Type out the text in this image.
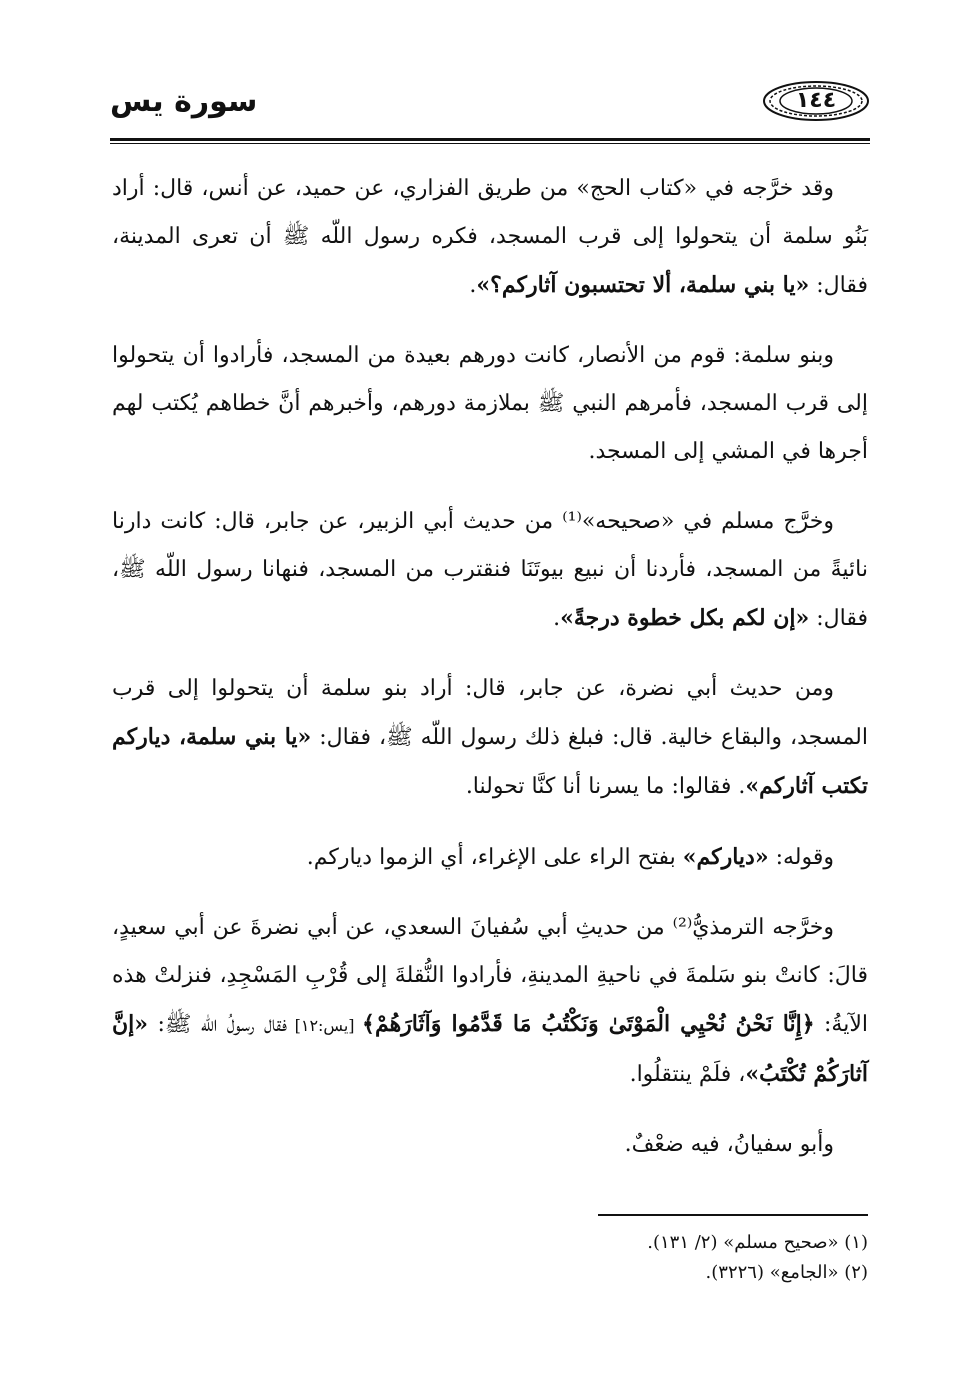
سورة يس	١٤٤

وقد خرَّجه في «كتاب الحج» من طريق الفزاري، عن حميد، عن أنس، قال: أراد بَنُو سلمة أن يتحولوا إلى قرب المسجد، فكره رسول اللّه ﷺ أن تعرى المدينة، فقال: «يا بني سلمة، ألا تحتسبون آثاركم؟».

وبنو سلمة: قوم من الأنصار، كانت دورهم بعيدة من المسجد، فأرادوا أن يتحولوا إلى قرب المسجد، فأمرهم النبي ﷺ بملازمة دورهم، وأخبرهم أنَّ خطاهم يُكتب لهم أجرها في المشي إلى المسجد.

وخرَّج مسلم في «صحيحه»⁽¹⁾ من حديث أبي الزبير، عن جابر، قال: كانت دارنا نائيةً من المسجد، فأردنا أن نبيع بيوتَنَا فنقترب من المسجد، فنهانا رسول اللّه ﷺ، فقال: «إن لكم بكل خطوة درجةً».

ومن حديث أبي نضرة، عن جابر، قال: أراد بنو سلمة أن يتحولوا إلى قرب المسجد، والبقاع خالية. قال: فبلغ ذلك رسول اللّه ﷺ، فقال: «يا بني سلمة، دياركم تكتب آثاركم». فقالوا: ما يسرنا أنا كنَّا تحولنا.

وقوله: «دياركم» بفتح الراء على الإغراء، أي الزموا دياركم.

وخرَّجه الترمذيُّ⁽²⁾ من حديثِ أبي سُفيانَ السعدي، عن أبي نضرةَ عن أبي سعيدٍ، قالَ: كانتْ بنو سَلمةَ في ناحيةِ المدينةِ، فأرادوا النُّقلةَ إلى قُرْبِ المَسْجِدِ، فنزلتْ هذه الآيةُ: ﴿إِنَّا نَحْنُ نُحْيِي الْمَوْتَىٰ وَنَكْتُبُ مَا قَدَّمُوا وَآثَارَهُمْ﴾ [يس:١٢] فقال رسولُ اللّه ﷺ: «إنَّ آثارَكُمْ تُكْتَبُ»، فلَمْ ينتقلُوا.

وأبو سفيانُ، فيه ضعْفٌ.

(١) «صحيح مسلم» (٢/ ١٣١).
(٢) «الجامع» (٣٢٢٦).
